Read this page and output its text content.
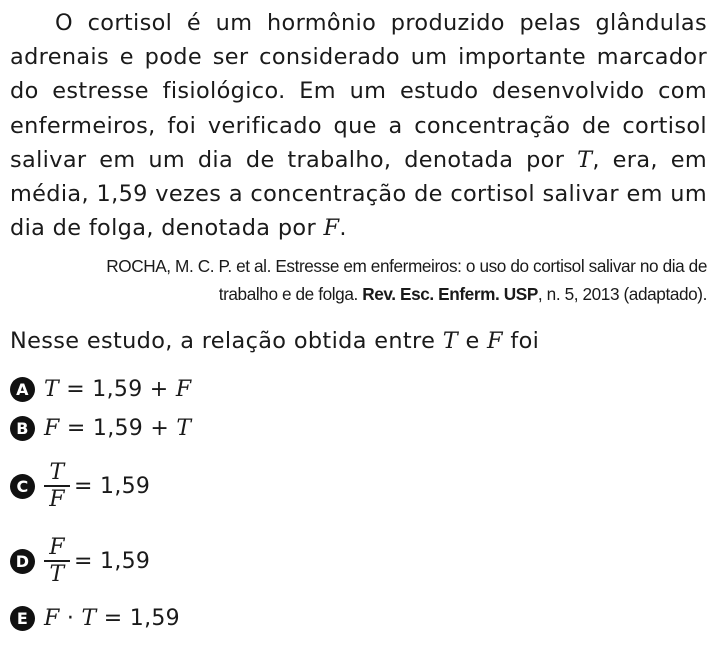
O cortisol é um hormônio produzido pelas glândulas adrenais e pode ser considerado um importante marcador do estresse fisiológico. Em um estudo desenvolvido com enfermeiros, foi verificado que a concentração de cortisol salivar em um dia de trabalho, denotada por T, era, em média, 1,59 vezes a concentração de cortisol salivar em um dia de folga, denotada por F.

ROCHA, M. C. P. et al. Estresse em enfermeiros: o uso do cortisol salivar no dia de trabalho e de folga. Rev. Esc. Enferm. USP, n. 5, 2013 (adaptado).

Nesse estudo, a relação obtida entre T e F foi

A T = 1,59 + F
B F = 1,59 + T
C $\frac{T}{F} = 1,59$
D $\frac{F}{T} = 1,59$
E F · T = 1,59
